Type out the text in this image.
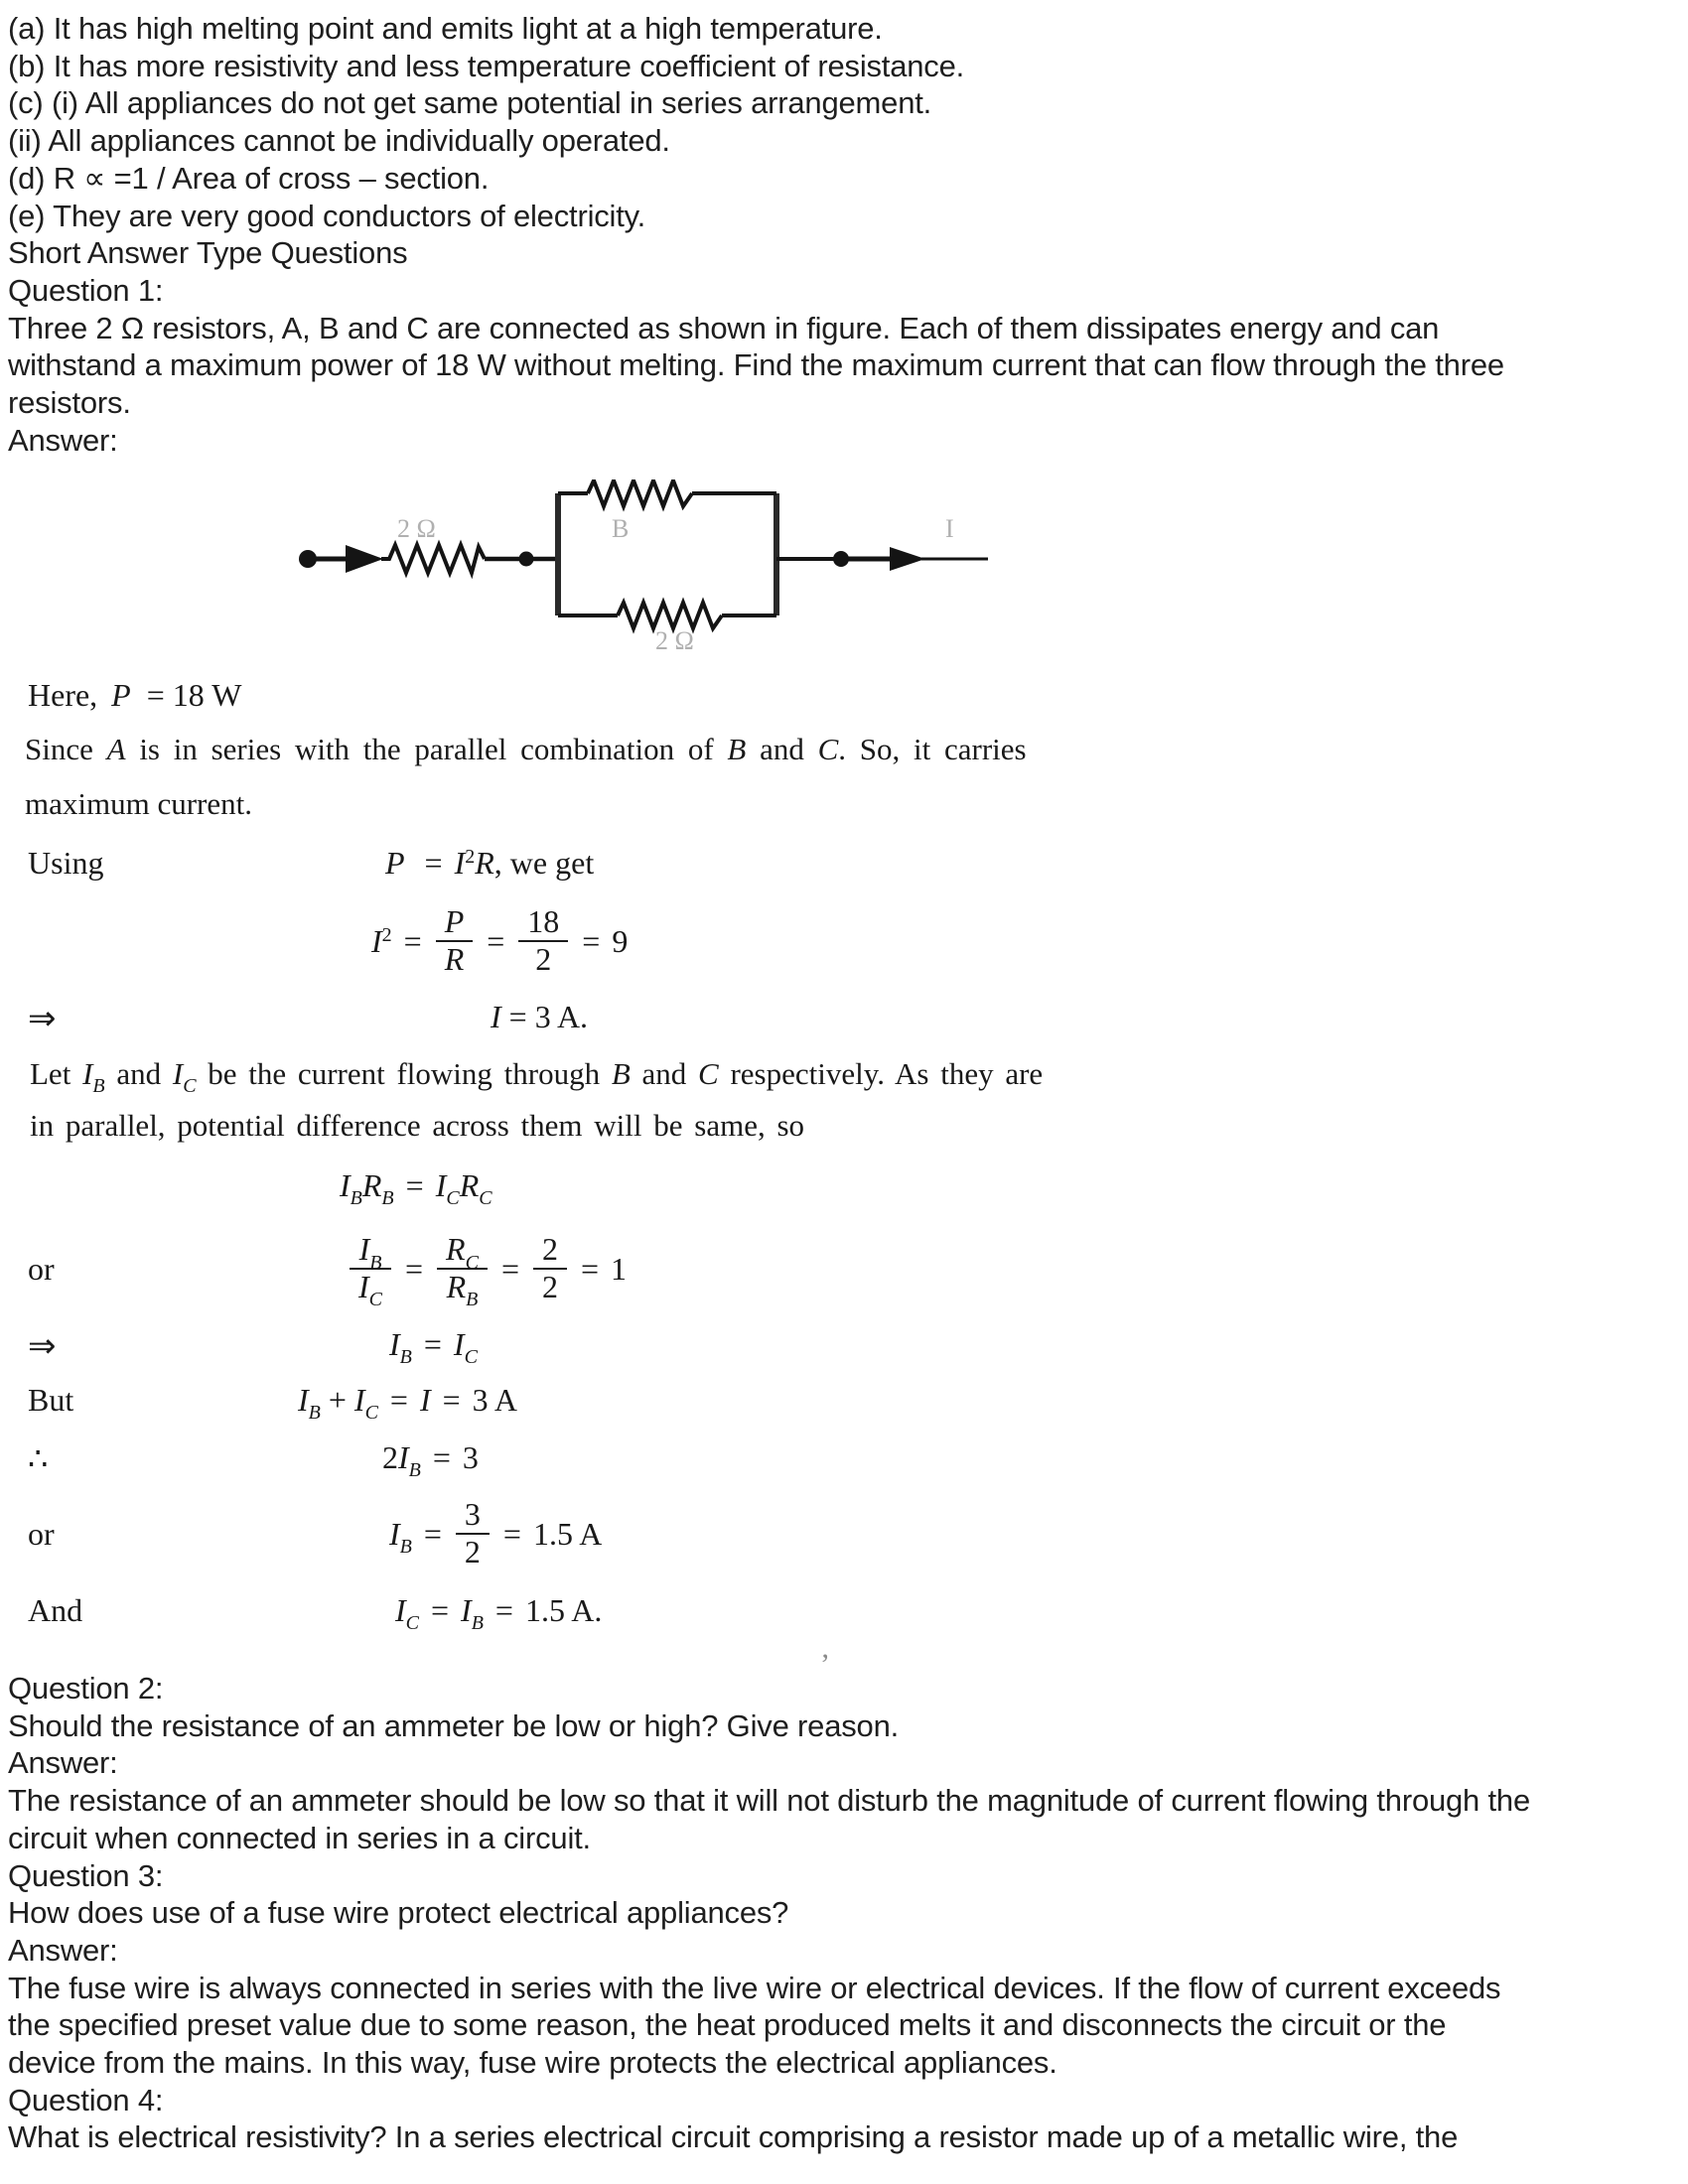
(a) It has high melting point and emits light at a high temperature.
(b) It has more resistivity and less temperature coefficient of resistance.
(c) (i) All appliances do not get same potential in series arrangement.
(ii) All appliances cannot be individually operated.
(d) R ∝ =1 / Area of cross – section.
(e) They are very good conductors of electricity.
Short Answer Type Questions
Question 1:
Three 2 Ω resistors, A, B and C are connected as shown in figure. Each of them dissipates energy and can
withstand a maximum power of 18 W without melting. Find the maximum current that can flow through the three
resistors.
Answer:
2 Ω	B
2 Ω
I
Here, P = 18 W
Since A is in series with the parallel combination of B and C. So, it carries
maximum current.
Using	$P = I^2R$, we get
$I^2 = \frac{P}{R} = \frac{18}{2} = 9$
⇒	I = 3 A.
Let $I_B$ and $I_C$ be the current flowing through B and C respectively. As they are
in parallel, potential difference across them will be same, so
$I_BR_B = I_CR_C$
or	$\frac{I_B}{I_C} = \frac{R_C}{R_B} = \frac{2}{2} = 1$
⇒	$I_B = I_C$
But	$I_B + I_C = I = 3$ A
∴	$2I_B = 3$
or	$I_B = \frac{3}{2} = 1.5$ A
And	$I_C = I_B = 1.5$ A.
’
Question 2:
Should the resistance of an ammeter be low or high? Give reason.
Answer:
The resistance of an ammeter should be low so that it will not disturb the magnitude of current flowing through the
circuit when connected in series in a circuit.
Question 3:
How does use of a fuse wire protect electrical appliances?
Answer:
The fuse wire is always connected in series with the live wire or electrical devices. If the flow of current exceeds
the specified preset value due to some reason, the heat produced melts it and disconnects the circuit or the
device from the mains. In this way, fuse wire protects the electrical appliances.
Question 4:
What is electrical resistivity? In a series electrical circuit comprising a resistor made up of a metallic wire, the
